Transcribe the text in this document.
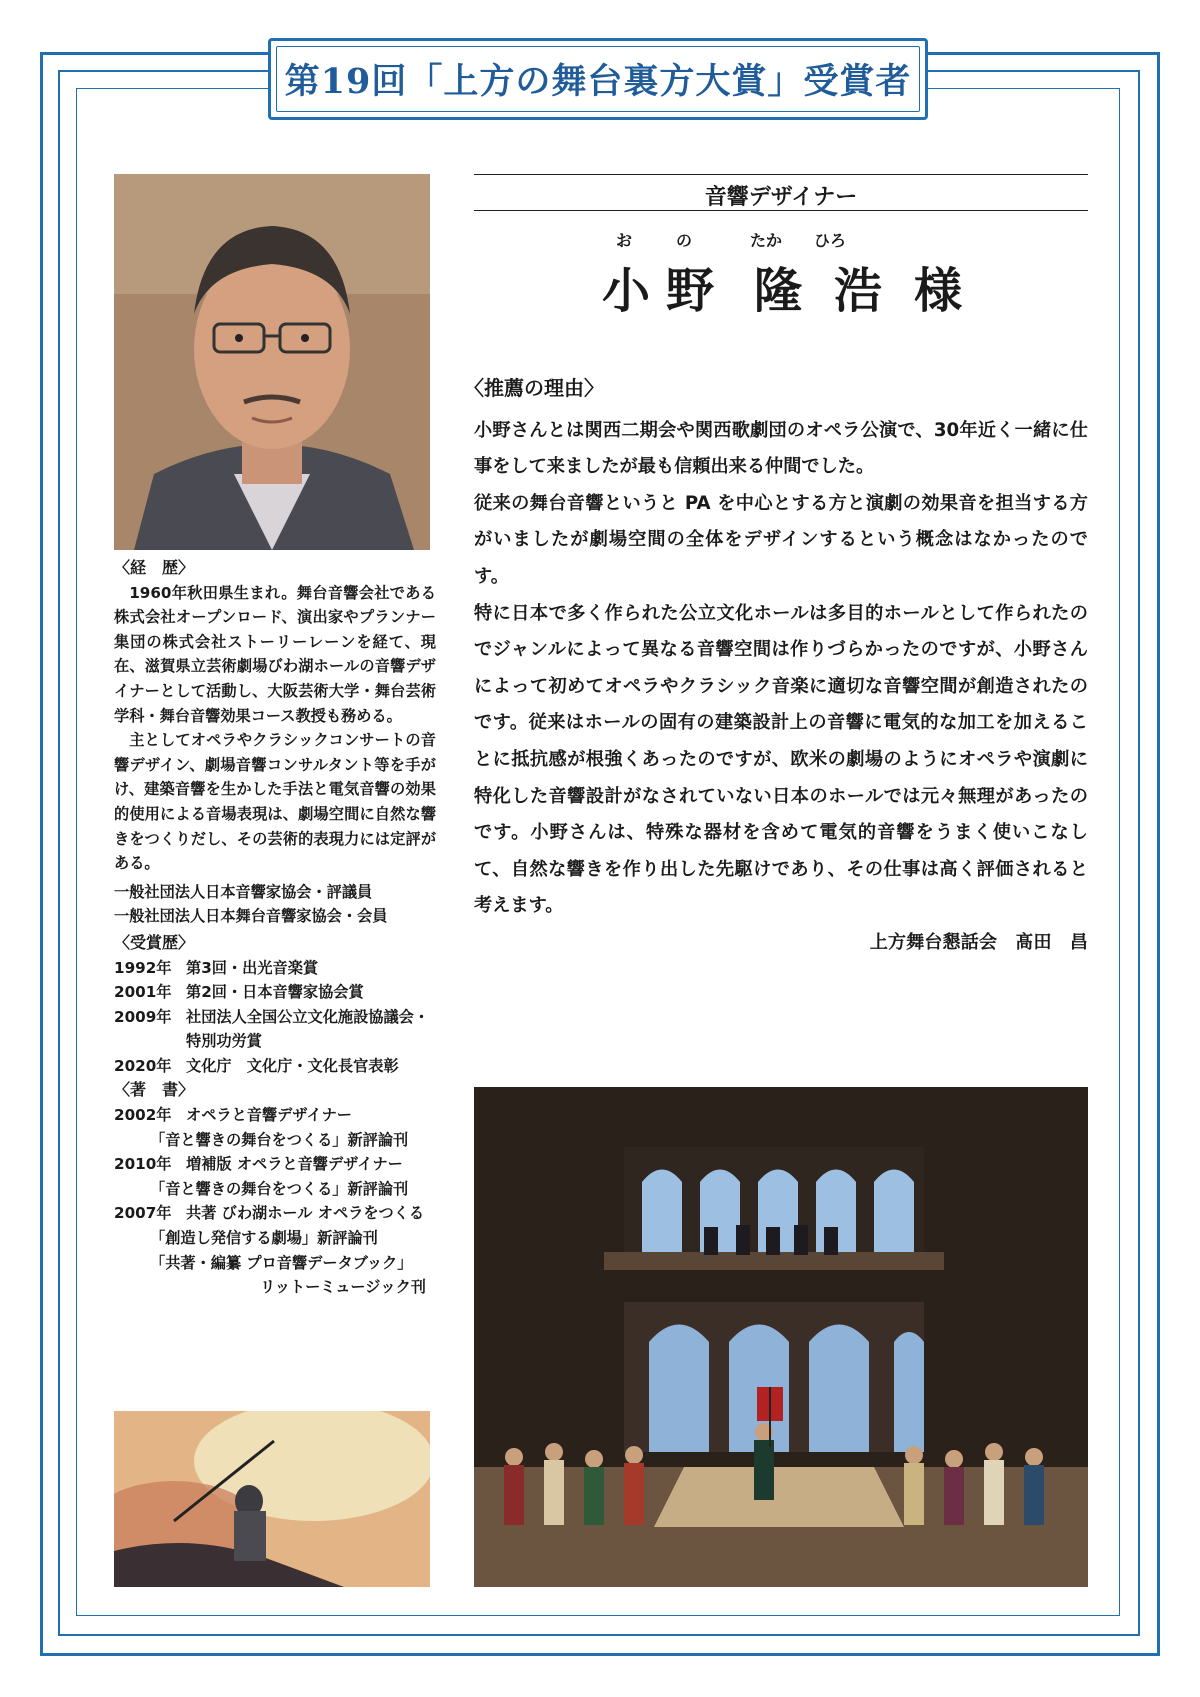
第19回「上方の舞台裏方大賞」受賞者

〈経　歴〉

1960年秋田県生まれ。舞台音響会社である株式会社オープンロード、演出家やプランナー集団の株式会社ストーリーレーンを経て、現在、滋賀県立芸術劇場びわ湖ホールの音響デザイナーとして活動し、大阪芸術大学・舞台芸術学科・舞台音響効果コース教授も務める。

主としてオペラやクラシックコンサートの音響デザイン、劇場音響コンサルタント等を手がけ、建築音響を生かした手法と電気音響の効果的使用による音場表現は、劇場空間に自然な響きをつくりだし、その芸術的表現力には定評がある。

一般社団法人日本音響家協会・評議員

一般社団法人日本舞台音響家協会・会員

〈受賞歴〉

1992年 第3回・出光音楽賞
2001年 第2回・日本音響家協会賞
2009年 社団法人全国公立文化施設協議会・特別功労賞
2020年 文化庁　文化庁・文化長官表彰

〈著　書〉

2002年 オペラと音響デザイナー

「音と響きの舞台をつくる」新評論刊

2010年 増補版 オペラと音響デザイナー

「音と響きの舞台をつくる」新評論刊

2007年 共著 びわ湖ホール オペラをつくる

「創造し発信する劇場」新評論刊

「共著・編纂 プロ音響データブック」

リットーミュージック刊

音響デザイナー
お	の	たか	ひろ
小 野 隆 浩 様

〈推薦の理由〉

小野さんとは関西二期会や関西歌劇団のオペラ公演で、30年近く一緒に仕事をして来ましたが最も信頼出来る仲間でした。

従来の舞台音響というと PA を中心とする方と演劇の効果音を担当する方がいましたが劇場空間の全体をデザインするという概念はなかったのです。

特に日本で多く作られた公立文化ホールは多目的ホールとして作られたのでジャンルによって異なる音響空間は作りづらかったのですが、小野さんによって初めてオペラやクラシック音楽に適切な音響空間が創造されたのです。従来はホールの固有の建築設計上の音響に電気的な加工を加えることに抵抗感が根強くあったのですが、欧米の劇場のようにオペラや演劇に特化した音響設計がなされていない日本のホールでは元々無理があったのです。小野さんは、特殊な器材を含めて電気的音響をうまく使いこなして、自然な響きを作り出した先駆けであり、その仕事は高く評価されると考えます。

上方舞台懇話会　髙田　昌
